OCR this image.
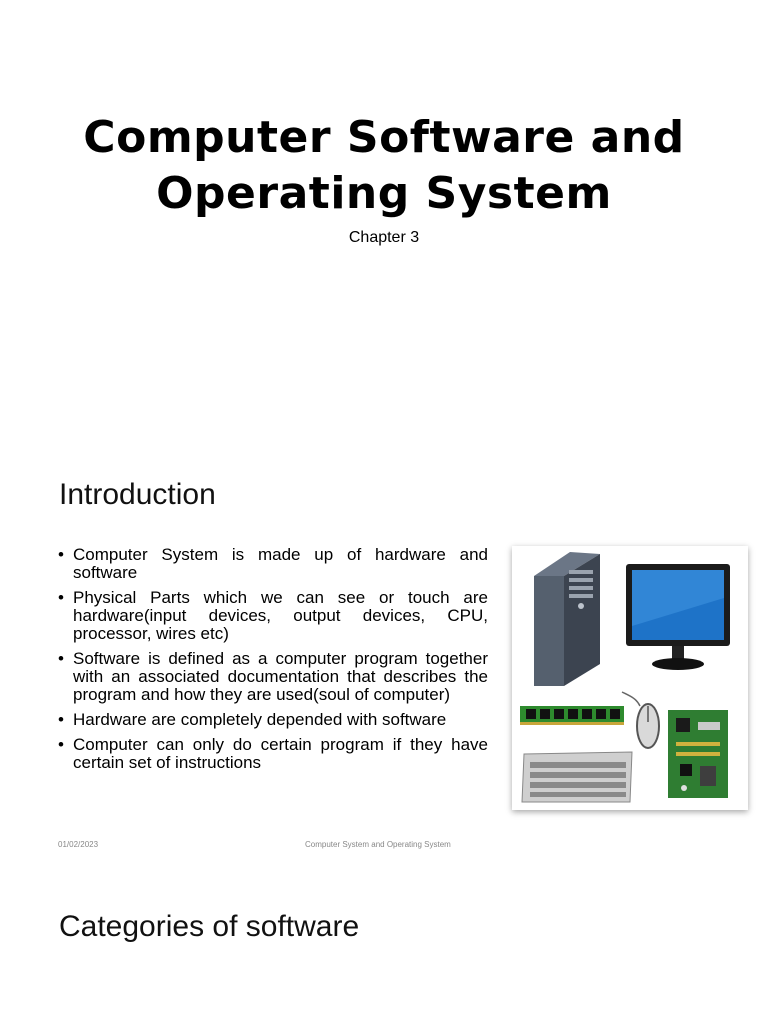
Computer Software and
Operating System
Chapter 3
Introduction
• Computer System is made up of hardware and software
• Physical Parts which we can see or touch are hardware(input devices, output devices, CPU, processor, wires etc)
• Software is defined as a computer program together with an associated documentation that describes the program and how they are used(soul of computer)
• Hardware are completely depended with software
• Computer can only do certain program if they have certain set of instructions
01/02/2023	Computer System and Operating System
Categories of software
